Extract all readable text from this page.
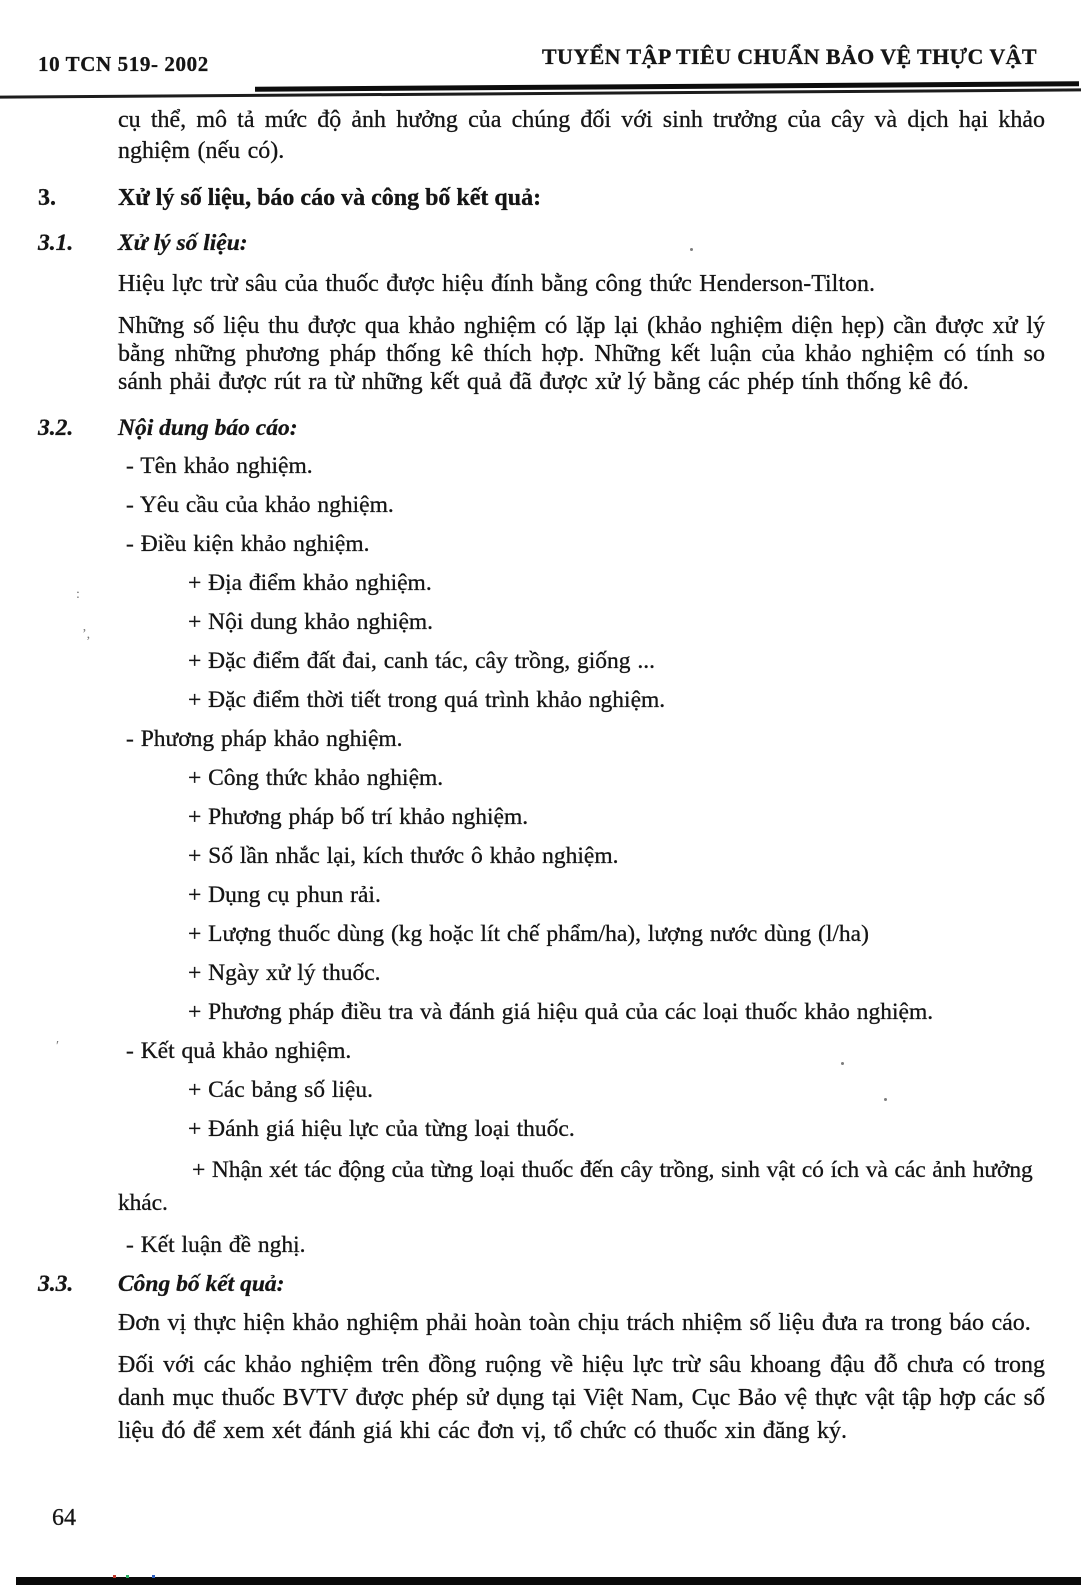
10 TCN 519- 2002	TUYỂN TẬP TIÊU CHUẨN BẢO VỆ THỰC VẬT

cụ thể, mô tả mức độ ảnh hưởng của chúng đối với sinh trưởng của cây và dịch hại khảo nghiệm (nếu có).

3.	Xử lý số liệu, báo cáo và công bố kết quả:
3.1.	Xử lý số liệu:

Hiệu lực trừ sâu của thuốc được hiệu đính bằng công thức Henderson-Tilton.

Những số liệu thu được qua khảo nghiệm có lặp lại (khảo nghiệm diện hẹp) cần được xử lý bằng những phương pháp thống kê thích hợp. Những kết luận của khảo nghiệm có tính so sánh phải được rút ra từ những kết quả đã được xử lý bằng các phép tính thống kê đó.

3.2.	Nội dung báo cáo:

- Tên khảo nghiệm.

- Yêu cầu của khảo nghiệm.

- Điều kiện khảo nghiệm.

+ Địa điểm khảo nghiệm.

+ Nội dung khảo nghiệm.

+ Đặc điểm đất đai, canh tác, cây trồng, giống ...

+ Đặc điểm thời tiết trong quá trình khảo nghiệm.

- Phương pháp khảo nghiệm.

+ Công thức khảo nghiệm.

+ Phương pháp bố trí khảo nghiệm.

+ Số lần nhắc lại, kích thước ô khảo nghiệm.

+ Dụng cụ phun rải.

+ Lượng thuốc dùng (kg hoặc lít chế phẩm/ha), lượng nước dùng (l/ha)

+ Ngày xử lý thuốc.

+ Phương pháp điều tra và đánh giá hiệu quả của các loại thuốc khảo nghiệm.

- Kết quả khảo nghiệm.

+ Các bảng số liệu.

+ Đánh giá hiệu lực của từng loại thuốc.

+ Nhận xét tác động của từng loại thuốc đến cây trồng, sinh vật có ích và các ảnh hưởng khác.

- Kết luận đề nghị.

3.3.	Công bố kết quả:

Đơn vị thực hiện khảo nghiệm phải hoàn toàn chịu trách nhiệm số liệu đưa ra trong báo cáo.

Đối với các khảo nghiệm trên đồng ruộng về hiệu lực trừ sâu khoang đậu đỗ chưa có trong danh mục thuốc BVTV được phép sử dụng tại Việt Nam, Cục Bảo vệ thực vật tập hợp các số liệu đó để xem xét đánh giá khi các đơn vị, tổ chức có thuốc xin đăng ký.

64
:
’,
′
